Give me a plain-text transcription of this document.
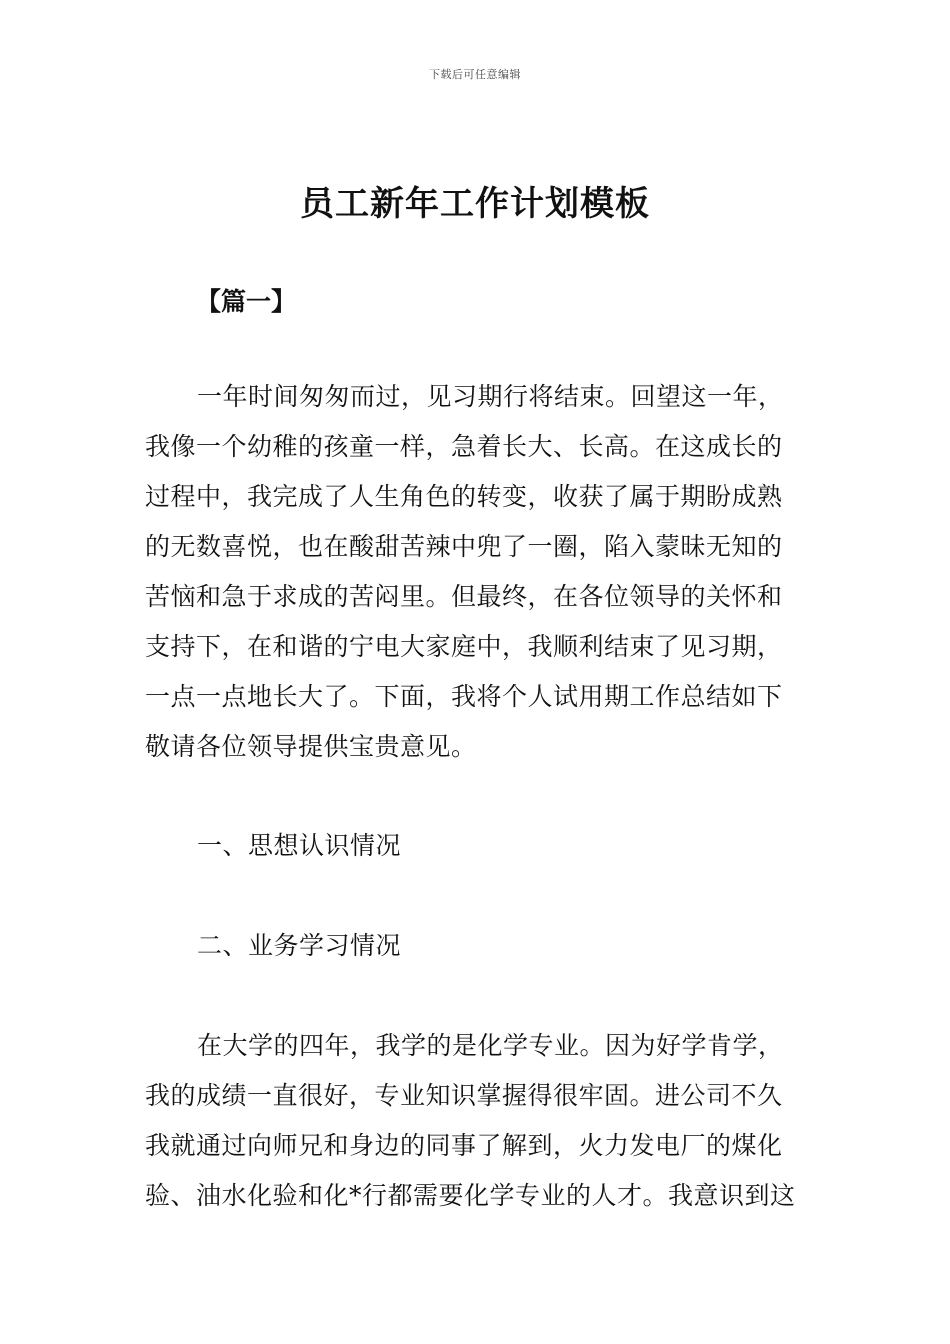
下载后可任意编辑
员工新年工作计划模板
【篇一】
一年时间匆匆而过，见习期行将结束。回望这一年，
我像一个幼稚的孩童一样，急着长大、长高。在这成长的
过程中，我完成了人生角色的转变，收获了属于期盼成熟
的无数喜悦，也在酸甜苦辣中兜了一圈，陷入蒙昧无知的
苦恼和急于求成的苦闷里。但最终，在各位领导的关怀和
支持下，在和谐的宁电大家庭中，我顺利结束了见习期，
一点一点地长大了。下面，我将个人试用期工作总结如下
敬请各位领导提供宝贵意见。
一、思想认识情况
二、业务学习情况
在大学的四年，我学的是化学专业。因为好学肯学，
我的成绩一直很好，专业知识掌握得很牢固。进公司不久
我就通过向师兄和身边的同事了解到，火力发电厂的煤化
验、油水化验和化*行都需要化学专业的人才。我意识到这
